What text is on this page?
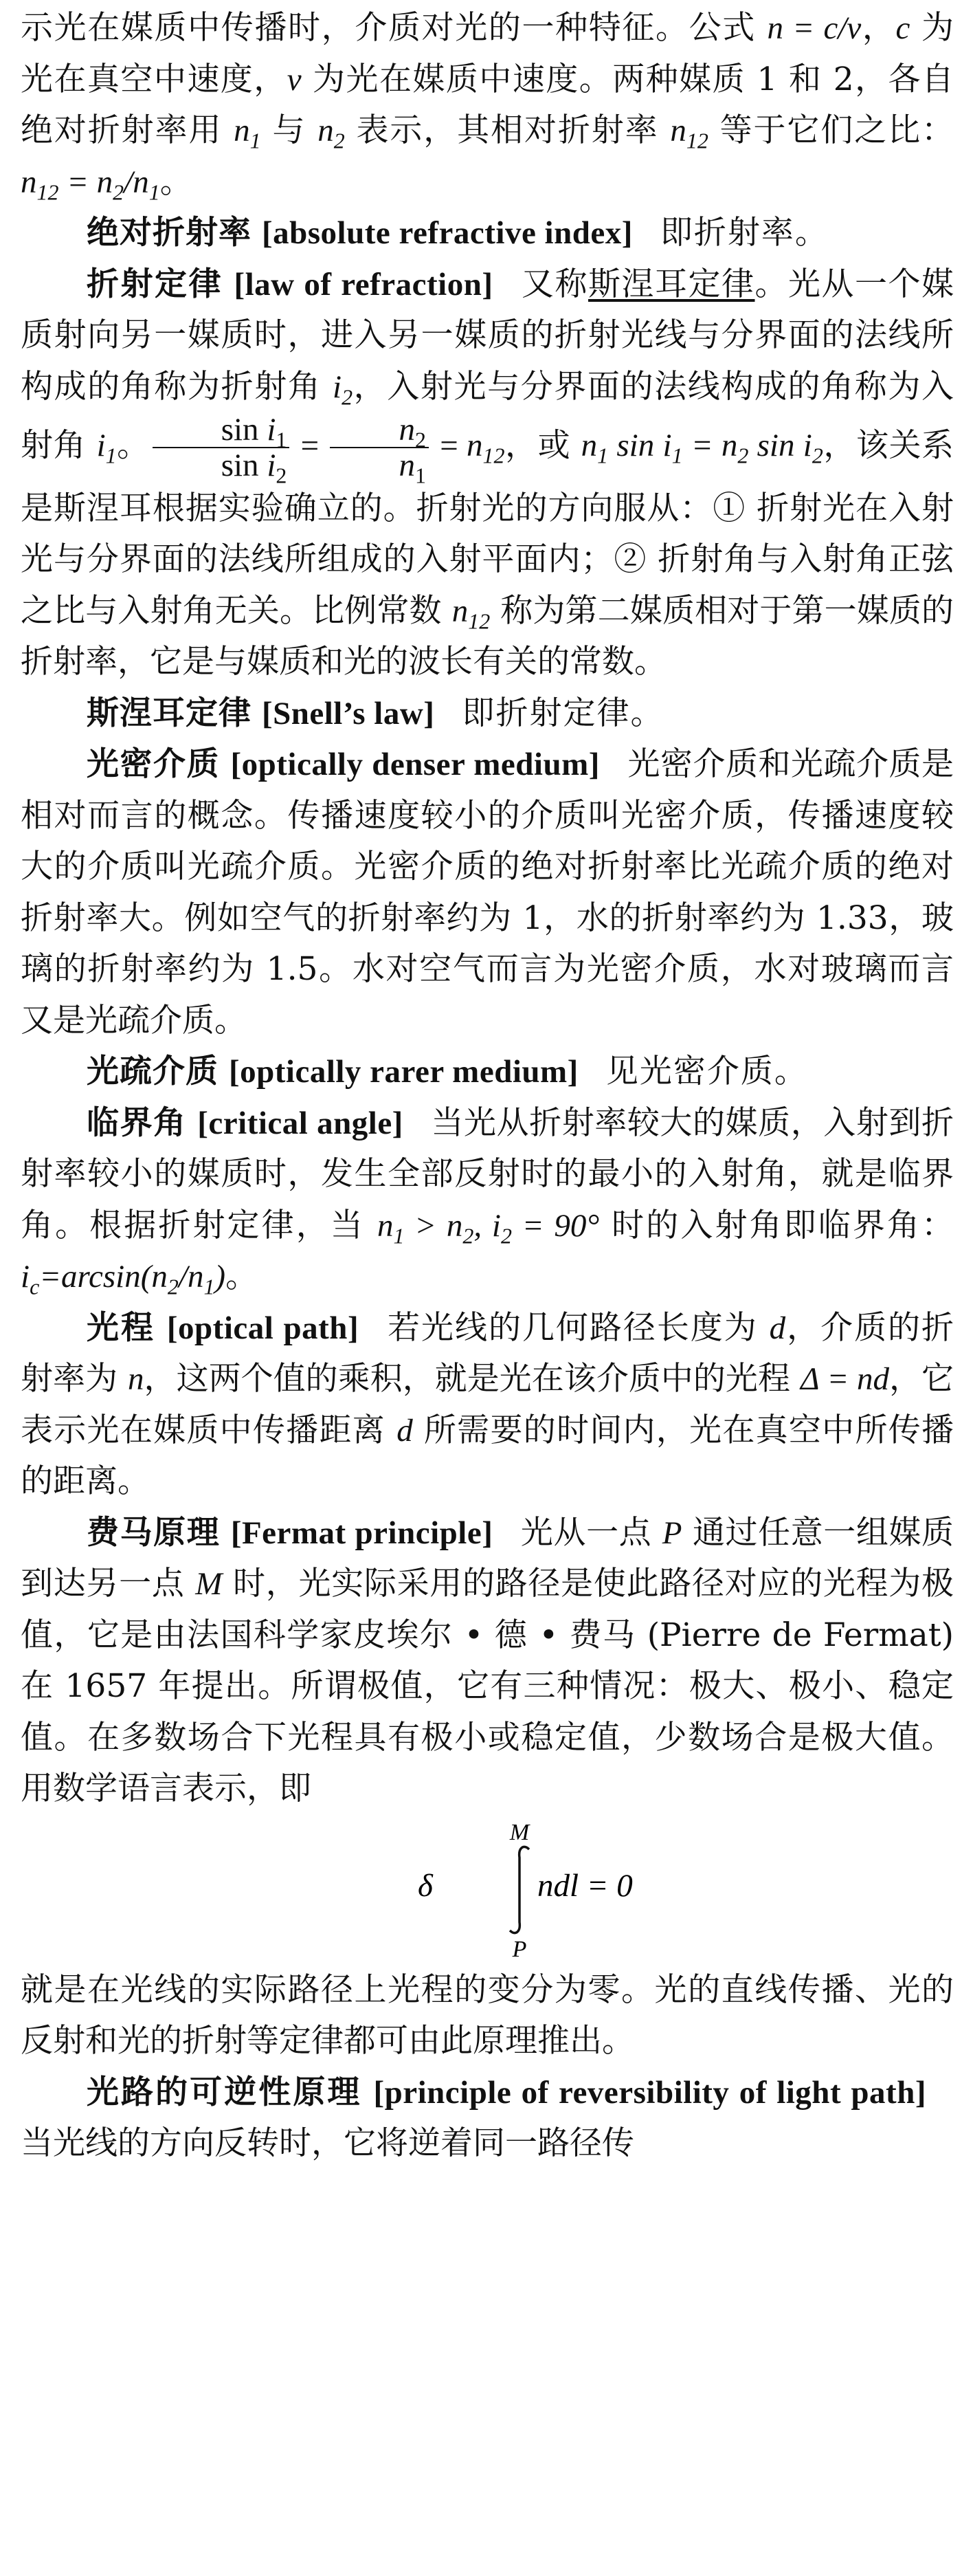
示光在媒质中传播时，介质对光的一种特征。公式 n = c/v，c 为光在真空中速度，v 为光在媒质中速度。两种媒质 1 和 2，各自绝对折射率用 $n_1$ 与 $n_2$ 表示，其相对折射率 $n_{12}$ 等于它们之比：$n_{12} = n_2/n_1$。

绝对折射率 [absolute refractive index] 即折射率。

折射定律 [law of refraction] 又称斯涅耳定律。光从一个媒质射向另一媒质时，进入另一媒质的折射光线与分界面的法线所构成的角称为折射角 $i_2$，入射光与分界面的法线构成的角称为入射角 $i_1$。 $\frac{\sin i_1}{\sin i_2} = \frac{n_2}{n_1} = n_{12}$，或 $n_1$ $\sin i_1 = n_2$ $\sin i_2$，该关系是斯涅耳根据实验确立的。折射光的方向服从：① 折射光在入射光与分界面的法线所组成的入射平面内；② 折射角与入射角正弦之比与入射角无关。比例常数 $n_{12}$ 称为第二媒质相对于第一媒质的折射率，它是与媒质和光的波长有关的常数。

斯涅耳定律 [Snell’s law] 即折射定律。

光密介质 [optically denser medium] 光密介质和光疏介质是相对而言的概念。传播速度较小的介质叫光密介质，传播速度较大的介质叫光疏介质。光密介质的绝对折射率比光疏介质的绝对折射率大。例如空气的折射率约为 1，水的折射率约为 1.33，玻璃的折射率约为 1.5。水对空气而言为光密介质，水对玻璃而言又是光疏介质。

光疏介质 [optically rarer medium] 见光密介质。

临界角 [critical angle] 当光从折射率较大的媒质，入射到折射率较小的媒质时，发生全部反射时的最小的入射角，就是临界角。根据折射定律，当 $n_1 > n_2$, $i_2 = 90^\circ$ 时的入射角即临界角：$i_c=\arcsin(n_2/n_1)$。

光程 [optical path] 若光线的几何路径长度为 d，介质的折射率为 n，这两个值的乘积，就是光在该介质中的光程 Δ = nd，它表示光在媒质中传播距离 d 所需要的时间内，光在真空中所传播的距离。

费马原理 [Fermat principle] 光从一点 P 通过任意一组媒质到达另一点 M 时，光实际采用的路径是使此路径对应的光程为极值，它是由法国科学家皮埃尔 • 德 • 费马 (Pierre de Fermat) 在 1657 年提出。所谓极值，它有三种情况：极大、极小、稳定值。在多数场合下光程具有极小或稳定值，少数场合是极大值。用数学语言表示，即

M
δ
P
ndl = 0

就是在光线的实际路径上光程的变分为零。光的直线传播、光的反射和光的折射等定律都可由此原理推出。

光路的可逆性原理 [principle of reversibility of light path]当光线的方向反转时，它将逆着同一路径传
